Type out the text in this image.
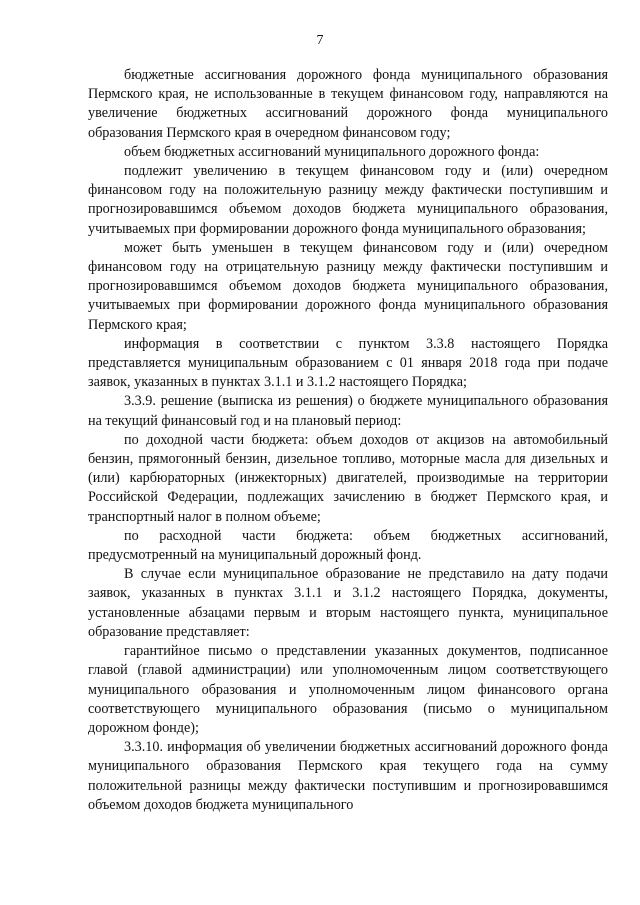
7

бюджетные ассигнования дорожного фонда муниципального образования Пермского края, не использованные в текущем финансовом году, направляются на увеличение бюджетных ассигнований дорожного фонда муниципального образования Пермского края в очередном финансовом году;

объем бюджетных ассигнований муниципального дорожного фонда:

подлежит увеличению в текущем финансовом году и (или) очередном финансовом году на положительную разницу между фактически поступившим и прогнозировавшимся объемом доходов бюджета муниципального образования, учитываемых при формировании дорожного фонда муниципального образования;

может быть уменьшен в текущем финансовом году и (или) очередном финансовом году на отрицательную разницу между фактически поступившим и прогнозировавшимся объемом доходов бюджета муниципального образования, учитываемых при формировании дорожного фонда муниципального образования Пермского края;

информация в соответствии с пунктом 3.3.8 настоящего Порядка представляется муниципальным образованием с 01 января 2018 года при подаче заявок, указанных в пунктах 3.1.1 и 3.1.2 настоящего Порядка;

3.3.9. решение (выписка из решения) о бюджете муниципального образования на текущий финансовый год и на плановый период:

по доходной части бюджета: объем доходов от акцизов на автомобильный бензин, прямогонный бензин, дизельное топливо, моторные масла для дизельных и (или) карбюраторных (инжекторных) двигателей, производимые на территории Российской Федерации, подлежащих зачислению в бюджет Пермского края, и транспортный налог в полном объеме;

по расходной части бюджета: объем бюджетных ассигнований, предусмотренный на муниципальный дорожный фонд.

В случае если муниципальное образование не представило на дату подачи заявок, указанных в пунктах 3.1.1 и 3.1.2 настоящего Порядка, документы, установленные абзацами первым и вторым настоящего пункта, муниципальное образование представляет:

гарантийное письмо о представлении указанных документов, подписанное главой (главой администрации) или уполномоченным лицом соответствующего муниципального образования и уполномоченным лицом финансового органа соответствующего муниципального образования (письмо о муниципальном дорожном фонде);

3.3.10. информация об увеличении бюджетных ассигнований дорожного фонда муниципального образования Пермского края текущего года на сумму положительной разницы между фактически поступившим и прогнозировавшимся объемом доходов бюджета муниципального
